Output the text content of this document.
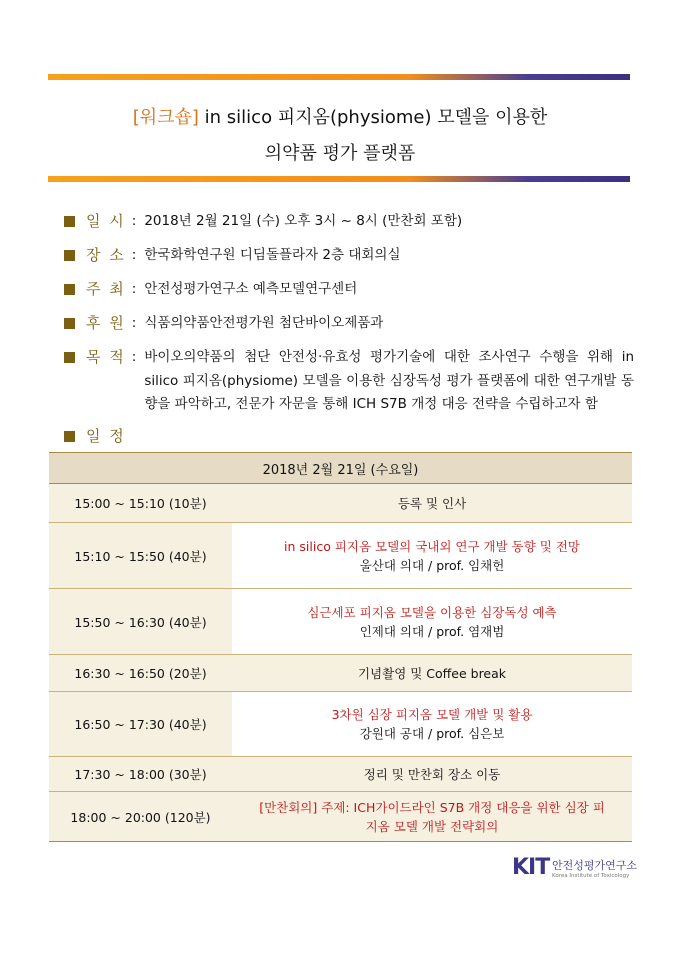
[워크숍] in silico 피지옴(physiome) 모델을 이용한
의약품 평가 플랫폼
일 시 : 2018년 2월 21일 (수) 오후 3시 ~ 8시 (만찬회 포함)
장 소 : 한국화학연구원 디딤돌플라자 2층 대회의실
주 최 : 안전성평가연구소 예측모델연구센터
후 원 : 식품의약품안전평가원 첨단바이오제품과
목 적 : 바이오의약품의 첨단 안전성·유효성 평가기술에 대한 조사연구 수행을 위해 in silico 피지옴(physiome) 모델을 이용한 심장독성 평가 플랫폼에 대한 연구개발 동향을 파악하고, 전문가 자문을 통해 ICH S7B 개정 대응 전략을 수립하고자 함
일 정
2018년 2월 21일 (수요일)	
15:00 ~ 15:10 (10분)	등록 및 인사
15:10 ~ 15:50 (40분)	in silico 피지옴 모델의 국내외 연구 개발 동향 및 전망
울산대 의대 / prof. 임채헌

15:50 ~ 16:30 (40분)	심근세포 피지옴 모델을 이용한 심장독성 예측
인제대 의대 / prof. 염재범

16:30 ~ 16:50 (20분)	기념촬영 및 Coffee break
16:50 ~ 17:30 (40분)	3차원 심장 피지옴 모델 개발 및 활용
강원대 공대 / prof. 심은보

17:30 ~ 18:00 (30분)	정리 및 만찬회 장소 이동
18:00 ~ 20:00 (120분)	[만찬회의] 주제: ICH가이드라인 S7B 개정 대응을 위한 심장 피지옴 모델 개발 전략회의
KIT 안전성평가연구소
Korea Institute of Toxicology
